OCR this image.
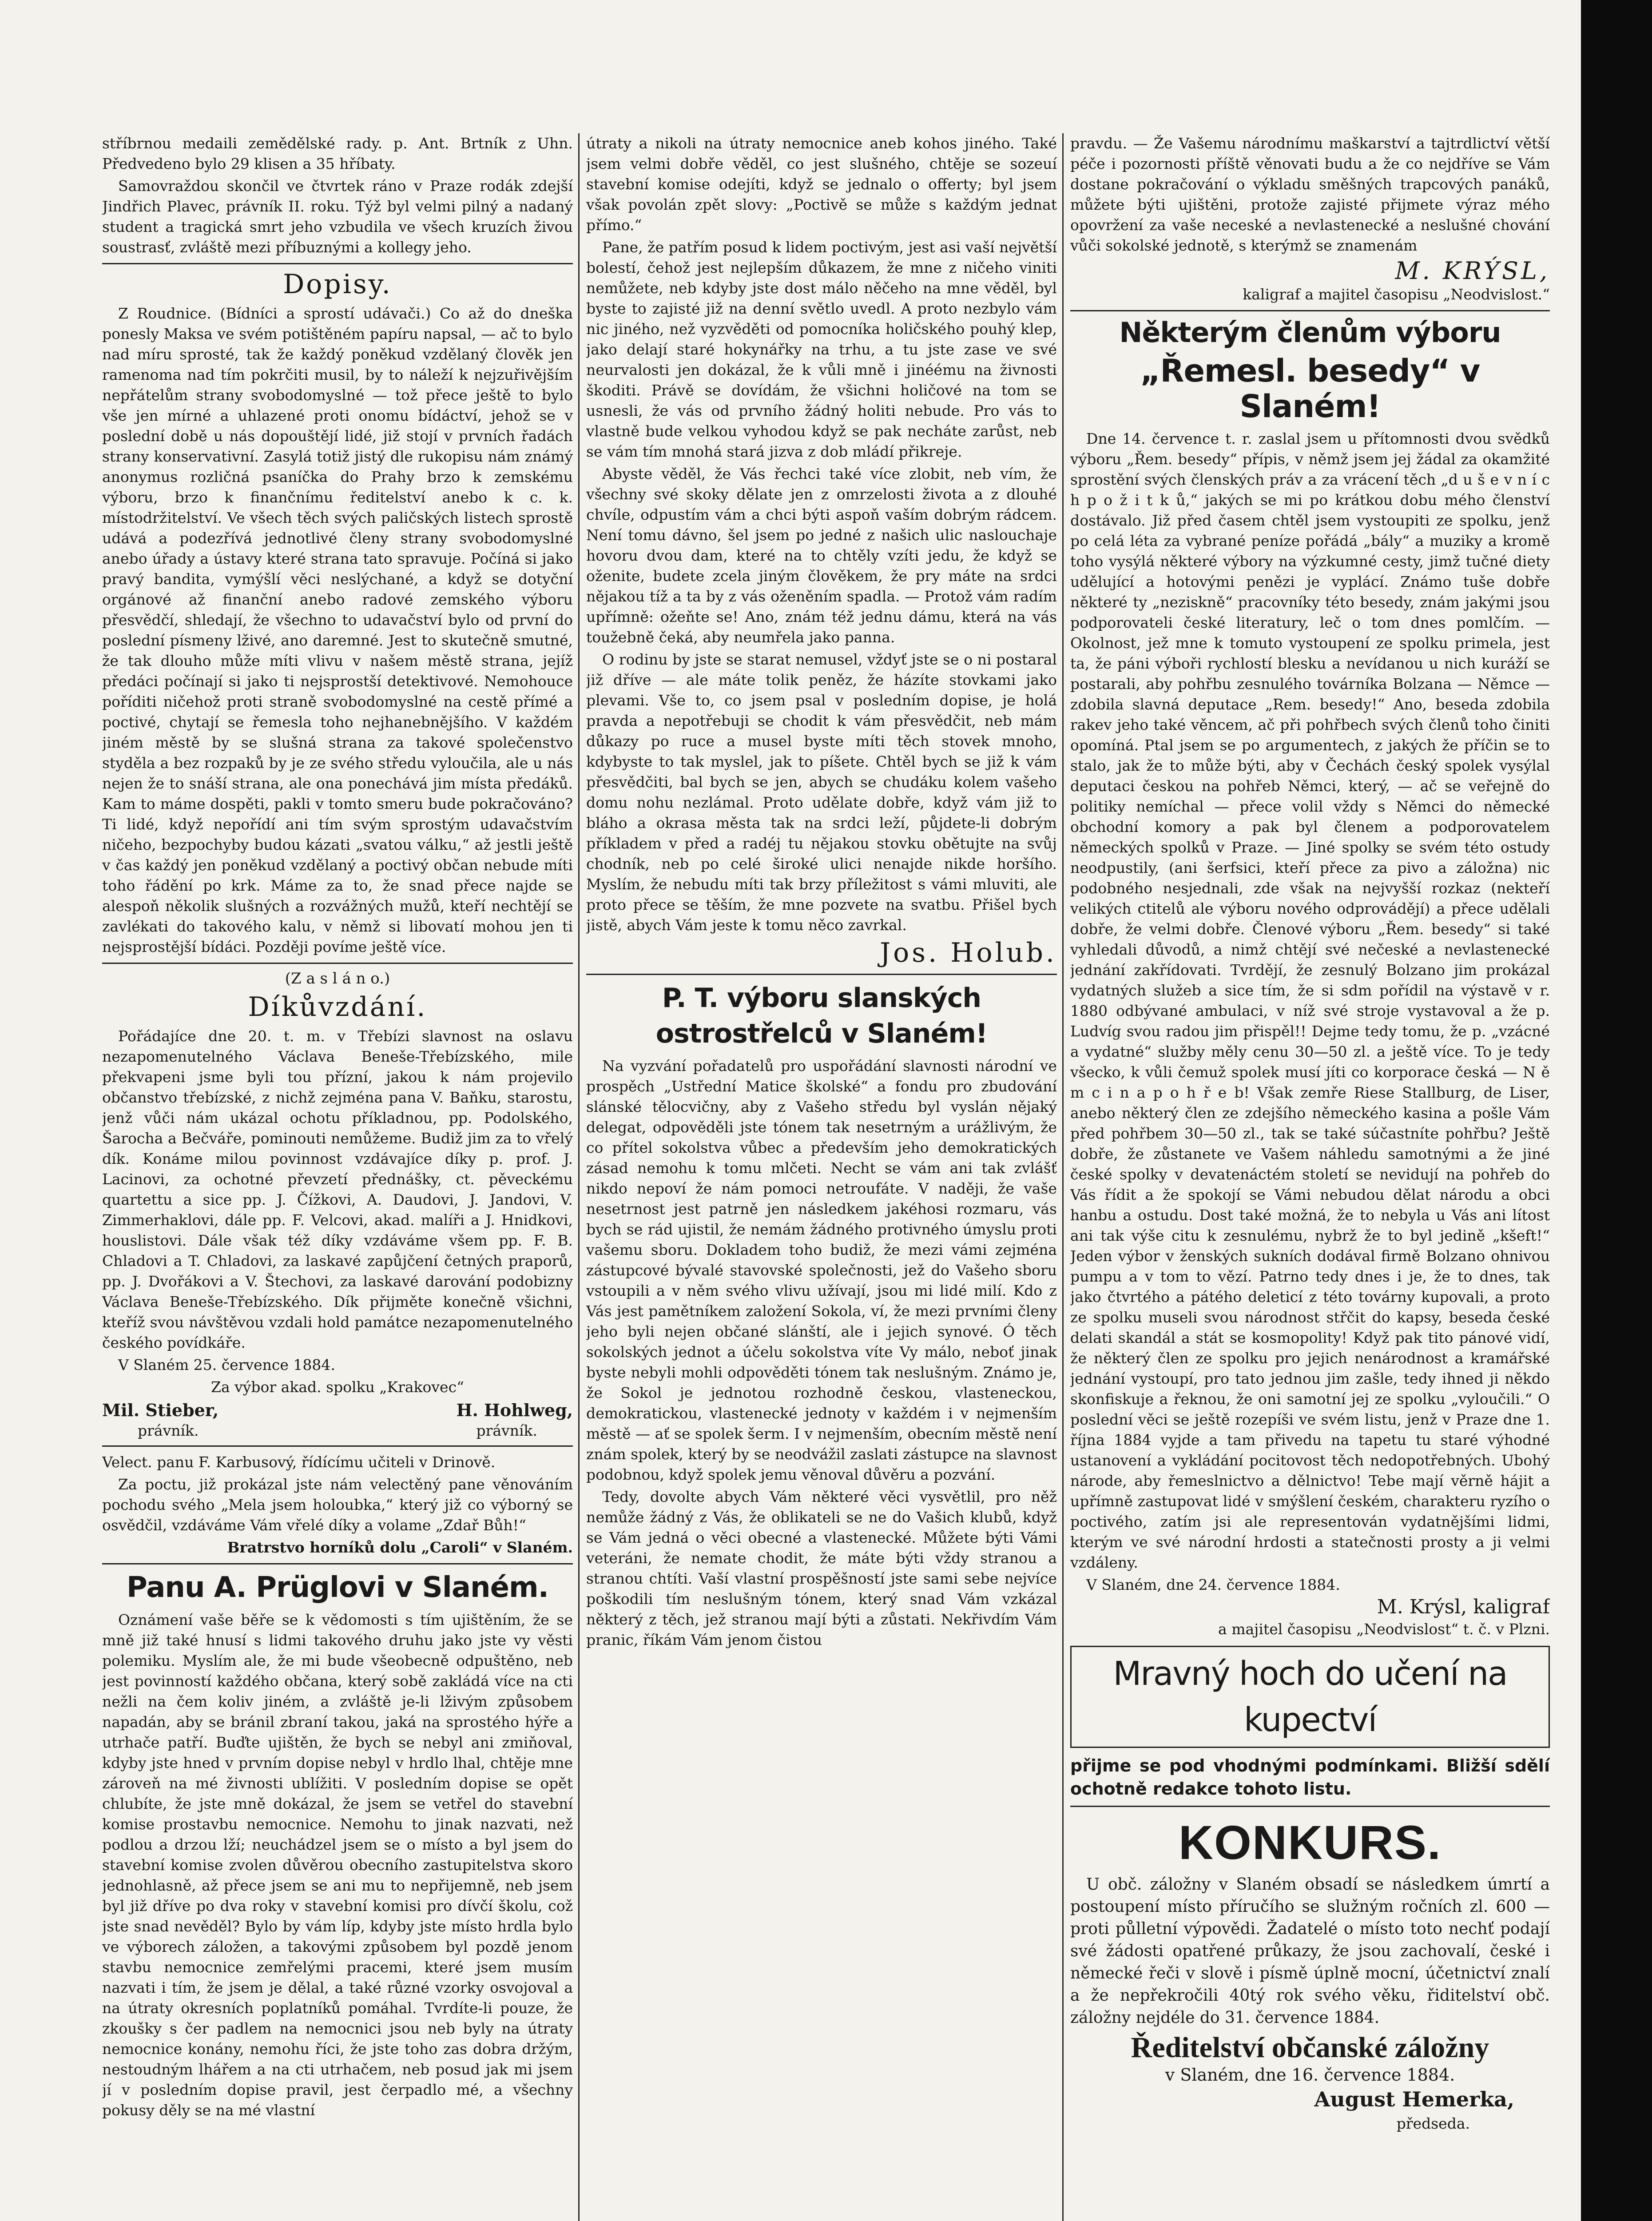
stříbrnou medaili zemědělské rady. p. Ant. Brtník z Uhn. Předvedeno bylo 29 klisen a 35 hříbaty.

Samovraždou skončil ve čtvrtek ráno v Praze rodák zdejší Jindřich Plavec, právník II. roku. Týž byl velmi pilný a nadaný student a tragická smrt jeho vzbudila ve všech kruzích živou soustrasť, zvláště mezi příbuznými a kollegy jeho.

Dopisy.

Z Roudnice. (Bídníci a sprostí udávači.) Co až do dneška ponesly Maksa ve svém potištěném papíru napsal, — ač to bylo nad míru sprosté, tak že každý poněkud vzdělaný člověk jen ramenoma nad tím pokrčiti musil, by to náleží k nejzuřivějším nepřátelům strany svobodomyslné — tož přece ještě to bylo vše jen mírné a uhlazené proti onomu bídáctví, jehož se v poslední době u nás dopouštějí lidé, již stojí v prvních řadách strany konservativní. Zasylá totiž jistý dle rukopisu nám známý anonymus rozličná psaníčka do Prahy brzo k zemskému výboru, brzo k finančnímu ředitelství anebo k c. k. místodržitelství. Ve všech těch svých paličských listech sprostě udává a podezřívá jednotlivé členy strany svobodomyslné anebo úřady a ústavy které strana tato spravuje. Počíná si jako pravý bandita, vymýšlí věci neslýchané, a když se dotyční orgánové až finanční anebo radové zemského výboru přesvědčí, shledají, že všechno to udavačství bylo od první do poslední písmeny lživé, ano daremné. Jest to skutečně smutné, že tak dlouho může míti vlivu v našem městě strana, jejíž předáci počínají si jako ti nejsprostší detektivové. Nemohouce poříditi ničehož proti straně svobodomyslné na cestě přímé a poctivé, chytají se řemesla toho nejhanebnějšího. V každém jiném městě by se slušná strana za takové společenstvo styděla a bez rozpaků by je ze svého středu vyloučila, ale u nás nejen že to snáší strana, ale ona ponechává jim místa předáků. Kam to máme dospěti, pakli v tomto smeru bude pokračováno? Ti lidé, když nepořídí ani tím svým sprostým udavačstvím ničeho, bezpochyby budou kázati „svatou válku,“ až jestli ještě v čas každý jen poněkud vzdělaný a poctivý občan nebude míti toho řádění po krk. Máme za to, že snad přece najde se alespoň několik slušných a rozvážných mužů, kteří nechtějí se zavlékati do takového kalu, v němž si libovatí mohou jen ti nejsprostější bídáci. Později povíme ještě více.

(Z a s l á n o.)
Díkůvzdání.

Pořádajíce dne 20. t. m. v Třebízi slavnost na oslavu nezapomenutelného Václava Beneše-Třebízského, mile překvapeni jsme byli tou přízní, jakou k nám projevilo občanstvo třebízské, z nichž zejména pana V. Baňku, starostu, jenž vůči nám ukázal ochotu příkladnou, pp. Podolského, Šarocha a Bečváře, pominouti nemůžeme. Budiž jim za to vřelý dík. Konáme milou povinnost vzdávajíce díky p. prof. J. Lacinovi, za ochotné převzetí přednášky, ct. pěveckému quartettu a sice pp. J. Čížkovi, A. Daudovi, J. Jandovi, V. Zimmerhaklovi, dále pp. F. Velcovi, akad. malíři a J. Hnidkovi, houslistovi. Dále však též díky vzdáváme všem pp. F. B. Chladovi a T. Chladovi, za laskavé zapůjčení četných praporů, pp. J. Dvořákovi a V. Štechovi, za laskavé darování podobizny Václava Beneše-Třebízského. Dík přijměte konečně všichni, kteříž svou návštěvou vzdali hold památce nezapomenutelného českého povídkáře.

V Slaném 25. července 1884.

Za výbor akad. spolku „Krakovec“

Mil. Stieber,	H. Hohlweg,
právník.	právník.

Velect. panu F. Karbusový, řídícímu učiteli v Drinově.

Za poctu, již prokázal jste nám velectěný pane věnováním pochodu svého „Mela jsem holoubka,“ který již co výborný se osvědčil, vzdáváme Vám vřelé díky a volame „Zdař Bůh!“

Bratrstvo horníků dolu „Caroli“ v Slaném.

Panu A. Prüglovi v Slaném.

Oznámení vaše běře se k vědomosti s tím ujištěním, že se mně již také hnusí s lidmi takového druhu jako jste vy věsti polemiku. Myslím ale, že mi bude všeobecně odpuštěno, neb jest povinností každého občana, který sobě zakládá více na cti nežli na čem koliv jiném, a zvláště je-li lživým způsobem napadán, aby se bránil zbraní takou, jaká na sprostého hýře a utrhače patří. Buďte ujištěn, že bych se nebyl ani zmiňoval, kdyby jste hned v prvním dopise nebyl v hrdlo lhal, chtěje mne zároveň na mé živnosti ublížiti. V posledním dopise se opět chlubíte, že jste mně dokázal, že jsem se vetřel do stavební komise prostavbu nemocnice. Nemohu to jinak nazvati, než podlou a drzou lží; neuchádzel jsem se o místo a byl jsem do stavební komise zvolen důvěrou obecního zastupitelstva skoro jednohlasně, až přece jsem se ani mu to nepřijemně, neb jsem byl již dříve po dva roky v stavební komisi pro dívčí školu, což jste snad nevěděl? Bylo by vám líp, kdyby jste místo hrdla bylo ve výborech záložen, a takovými způsobem byl pozdě jenom stavbu nemocnice zemřelými pracemi, které jsem musím nazvati i tím, že jsem je dělal, a také různé vzorky osvojoval a na útraty okresních poplatníků pomáhal. Tvrdíte-li pouze, že zkoušky s čer padlem na nemocnici jsou neb byly na útraty nemocnice konány, nemohu říci, že jste toho zas dobra držým, nestoudným lhářem a na cti utrhačem, neb posud jak mi jsem jí v posledním dopise pravil, jest čerpadlo mé, a všechny pokusy děly se na mé vlastní

útraty a nikoli na útraty nemocnice aneb kohos jiného. Také jsem velmi dobře věděl, co jest slušného, chtěje se sozeuí stavební komise odejíti, když se jednalo o offerty; byl jsem však povolán zpět slovy: „Poctivě se může s každým jednat přímo.“

Pane, že patřím posud k lidem poctivým, jest asi vaší největší bolestí, čehož jest nejlepším důkazem, že mne z ničeho viniti nemůžete, neb kdyby jste dost málo něčeho na mne věděl, byl byste to zajisté již na denní světlo uvedl. A proto nezbylo vám nic jiného, než vyzvěděti od pomocníka holičského pouhý klep, jako delají staré hokynářky na trhu, a tu jste zase ve své neurvalosti jen dokázal, že k vůli mně i jinéému na živnosti škoditi. Právě se dovídám, že všichni holičové na tom se usnesli, že vás od prvního žádný holiti nebude. Pro vás to vlastně bude velkou vyhodou když se pak necháte zarůst, neb se vám tím mnohá stará jizva z dob mládí přikreje.

Abyste věděl, že Vás řechci také více zlobit, neb vím, že všechny své skoky dělate jen z omrzelosti života a z dlouhé chvíle, odpustím vám a chci býti aspoň vaším dobrým rádcem. Není tomu dávno, šel jsem po jedné z našich ulic naslouchaje hovoru dvou dam, které na to chtěly vzíti jedu, že když se oženite, budete zcela jiným člověkem, že pry máte na srdci nějakou tíž a ta by z vás oženěním spadla. — Protož vám radím upřímně: ožeňte se! Ano, znám též jednu dámu, která na vás toužebně čeká, aby neumřela jako panna.

O rodinu by jste se starat nemusel, vždyť jste se o ni postaral již dříve — ale máte tolik peněz, že házíte stovkami jako plevami. Vše to, co jsem psal v posledním dopise, je holá pravda a nepotřebuji se chodit k vám přesvědčit, neb mám důkazy po ruce a musel byste míti těch stovek mnoho, kdybyste to tak myslel, jak to píšete. Chtěl bych se již k vám přesvědčiti, bal bych se jen, abych se chudáku kolem vašeho domu nohu nezlámal. Proto udělate dobře, když vám již to bláho a okrasa města tak na srdci leží, půjdete-li dobrým příkladem v před a radéj tu nějakou stovku obětujte na svůj chodník, neb po celé široké ulici nenajde nikde horšího. Myslím, že nebudu míti tak brzy příležitost s vámi mluviti, ale proto přece se těším, že mne pozvete na svatbu. Přišel bych jistě, abych Vám jeste k tomu něco zavrkal.

Jos. Holub.
P. T. výboru slanských ostrostřelců v Slaném!

Na vyzvání pořadatelů pro uspořádání slavnosti národní ve prospěch „Ustřední Matice školské“ a fondu pro zbudování slánské tělocvičny, aby z Vašeho středu byl vyslán nějaký delegat, odpověděli jste tónem tak nesetrným a urážlivým, že co přítel sokolstva vůbec a především jeho demokratických zásad nemohu k tomu mlčeti. Necht se vám ani tak zvlášť nikdo nepoví že nám pomoci netroufáte. V naději, že vaše nesetrnost jest patrně jen následkem jakéhosi rozmaru, vás bych se rád ujistil, že nemám žádného protivného úmyslu proti vašemu sboru. Dokladem toho budiž, že mezi vámi zejména zástupcové bývalé stavovské společnosti, jež do Vašeho sboru vstoupili a v něm svého vlivu užívají, jsou mi lidé milí. Kdo z Vás jest pamětníkem založení Sokola, ví, že mezi prvními členy jeho byli nejen občané slánští, ale i jejich synové. Ó těch sokolských jednot a účelu sokolstva víte Vy málo, neboť jinak byste nebyli mohli odpověděti tónem tak neslušným. Známo je, že Sokol je jednotou rozhodně českou, vlasteneckou, demokratickou, vlastenecké jednoty v každém i v nejmenším městě — ať se spolek šerm. I v nejmenším, obecním městě není znám spolek, který by se neodvážil zaslati zástupce na slavnost podobnou, když spolek jemu věnoval důvěru a pozvání.

Tedy, dovolte abych Vám některé věci vysvětlil, pro něž nemůže žádný z Vás, že oblikateli se ne do Vašich klubů, když se Vám jedná o věci obecné a vlastenecké. Můžete býti Vámi veteráni, že nemate chodit, že máte býti vždy stranou a stranou chtíti. Vaší vlastní prospěšností jste sami sebe nejvíce poškodili tím neslušným tónem, který snad Vám vzkázal některý z těch, jež stranou mají býti a zůstati. Nekřivdím Vám pranic, říkám Vám jenom čistou

pravdu. — Že Vašemu národnímu maškarství a tajtrdlictví větší péče i pozornosti příště věnovati budu a že co nejdříve se Vám dostane pokračování o výkladu směšných trapcových panáků, můžete býti ujištěni, protože zajisté přijmete výraz mého opovržení za vaše neceské a nevlastenecké a neslušné chování vůči sokolské jednotě, s kterýmž se znamenám

M. KRÝSL,

kaligraf a majitel časopisu „Neodvislost.“

Některým členům výboru
„Řemesl. besedy“ v Slaném!

Dne 14. července t. r. zaslal jsem u přítomnosti dvou svědků výboru „Řem. besedy“ přípis, v němž jsem jej žádal za okamžité sprostění svých členských práv a za vrácení těch „d u š e v n í c h p o ž i t k ů,“ jakých se mi po krátkou dobu mého členství dostávalo. Již před časem chtěl jsem vystoupiti ze spolku, jenž po celá léta za vybrané peníze pořádá „bály“ a muziky a kromě toho vysýlá některé výbory na výzkumné cesty, jimž tučné diety udělující a hotovými penězi je vyplácí. Známo tuše dobře některé ty „neziskně“ pracovníky této besedy, znám jakými jsou podporovateli české literatury, leč o tom dnes pomlčím. — Okolnost, jež mne k tomuto vystoupení ze spolku primela, jest ta, že páni výboři rychlostí blesku a nevídanou u nich kuráží se postarali, aby pohřbu zesnulého továrníka Bolzana — Němce — zdobila slavná deputace „Rem. besedy!“ Ano, beseda zdobila rakev jeho také věncem, ač při pohřbech svých členů toho činiti opomíná. Ptal jsem se po argumentech, z jakých že příčin se to stalo, jak že to může býti, aby v Čechách český spolek vysýlal deputaci českou na pohřeb Němci, který, — ač se veřejně do politiky nemíchal — přece volil vždy s Němci do německé obchodní komory a pak byl členem a podporovatelem německých spolků v Praze. — Jiné spolky se svém této ostudy neodpustily, (ani šerfsici, kteří přece za pivo a záložna) nic podobného nesjednali, zde však na nejvyšší rozkaz (nekteří velikých ctitelů ale výboru nového odprovádějí) a přece udělali dobře, že velmi dobře. Členové výboru „Řem. besedy“ si také vyhledali důvodů, a nimž chtějí své nečeské a nevlastenecké jednání zakřídovati. Tvrdějí, že zesnulý Bolzano jim prokázal vydatných služeb a sice tím, že si sdm pořídil na výstavě v r. 1880 odbývané ambulaci, v níž své stroje vystavoval a že p. Ludvíg svou radou jim přispěl!! Dejme tedy tomu, že p. „vzácné a vydatné“ služby měly cenu 30—50 zl. a ještě více. To je tedy všecko, k vůli čemuž spolek musí jíti co korporace česká — N ě m c i n a p o h ř e b! Však zemře Riese Stallburg, de Liser, anebo některý člen ze zdejšího německého kasina a pošle Vám před pohřbem 30—50 zl., tak se také súčastníte pohřbu? Ještě dobře, že zůstanete ve Vašem náhledu samotnými a že jiné české spolky v devatenáctém století se nevidují na pohřeb do Vás řídit a že spokojí se Vámi nebudou dělat národu a obci hanbu a ostudu. Dost také možná, že to nebyla u Vás ani lítost ani tak výše citu k zesnulému, nybrž že to byl jedině „kšeft!“ Jeden výbor v ženských sukních dodával firmě Bolzano ohnivou pumpu a v tom to vězí. Patrno tedy dnes i je, že to dnes, tak jako čtvrtého a pátého deleticí z této továrny kupovali, a proto ze spolku museli svou národnost střčit do kapsy, beseda české delati skandál a stát se kosmopolity! Když pak tito pánové vidí, že některý člen ze spolku pro jejich nenárodnost a kramářské jednání vystoupí, pro tato jednou jim zašle, tedy ihned ji někdo skonfiskuje a řeknou, že oni samotní jej ze spolku „vyloučili.“ O poslední věci se ještě rozepíši ve svém listu, jenž v Praze dne 1. října 1884 vyjde a tam přivedu na tapetu tu staré výhodné ustanovení a vykládání pocitovost těch nedopotřebných. Ubohý národe, aby řemeslnictvo a dělnictvo! Tebe mají věrně hájit a upřímně zastupovat lidé v smýšlení českém, charakteru ryzího o poctivého, zatím jsi ale representován vydatnějšími lidmi, kterým ve své národní hrdosti a statečnosti prosty a ji velmi vzdáleny.

V Slaném, dne 24. července 1884.

M. Krýsl, kaligraf

a majitel časopisu „Neodvislost“ t. č. v Plzni.

Mravný hoch do učení na kupectví

přijme se pod vhodnými podmínkami. Bližší sdělí ochotně redakce tohoto listu.

KONKURS.

U obč. záložny v Slaném obsadí se následkem úmrtí a postoupení místo příručího se služným ročních zl. 600 — proti půlletní výpovědi. Žadatelé o místo toto nechť podají své žádosti opatřené průkazy, že jsou zachovalí, české i německé řeči v slově i písmě úplně mocní, účetnictví znalí a že nepřekročili 40tý rok svého věku, řiditelství obč. záložny nejdéle do 31. července 1884.

Ředitelství občanské záložny

v Slaném, dne 16. července 1884.

August Hemerka,

předseda.
